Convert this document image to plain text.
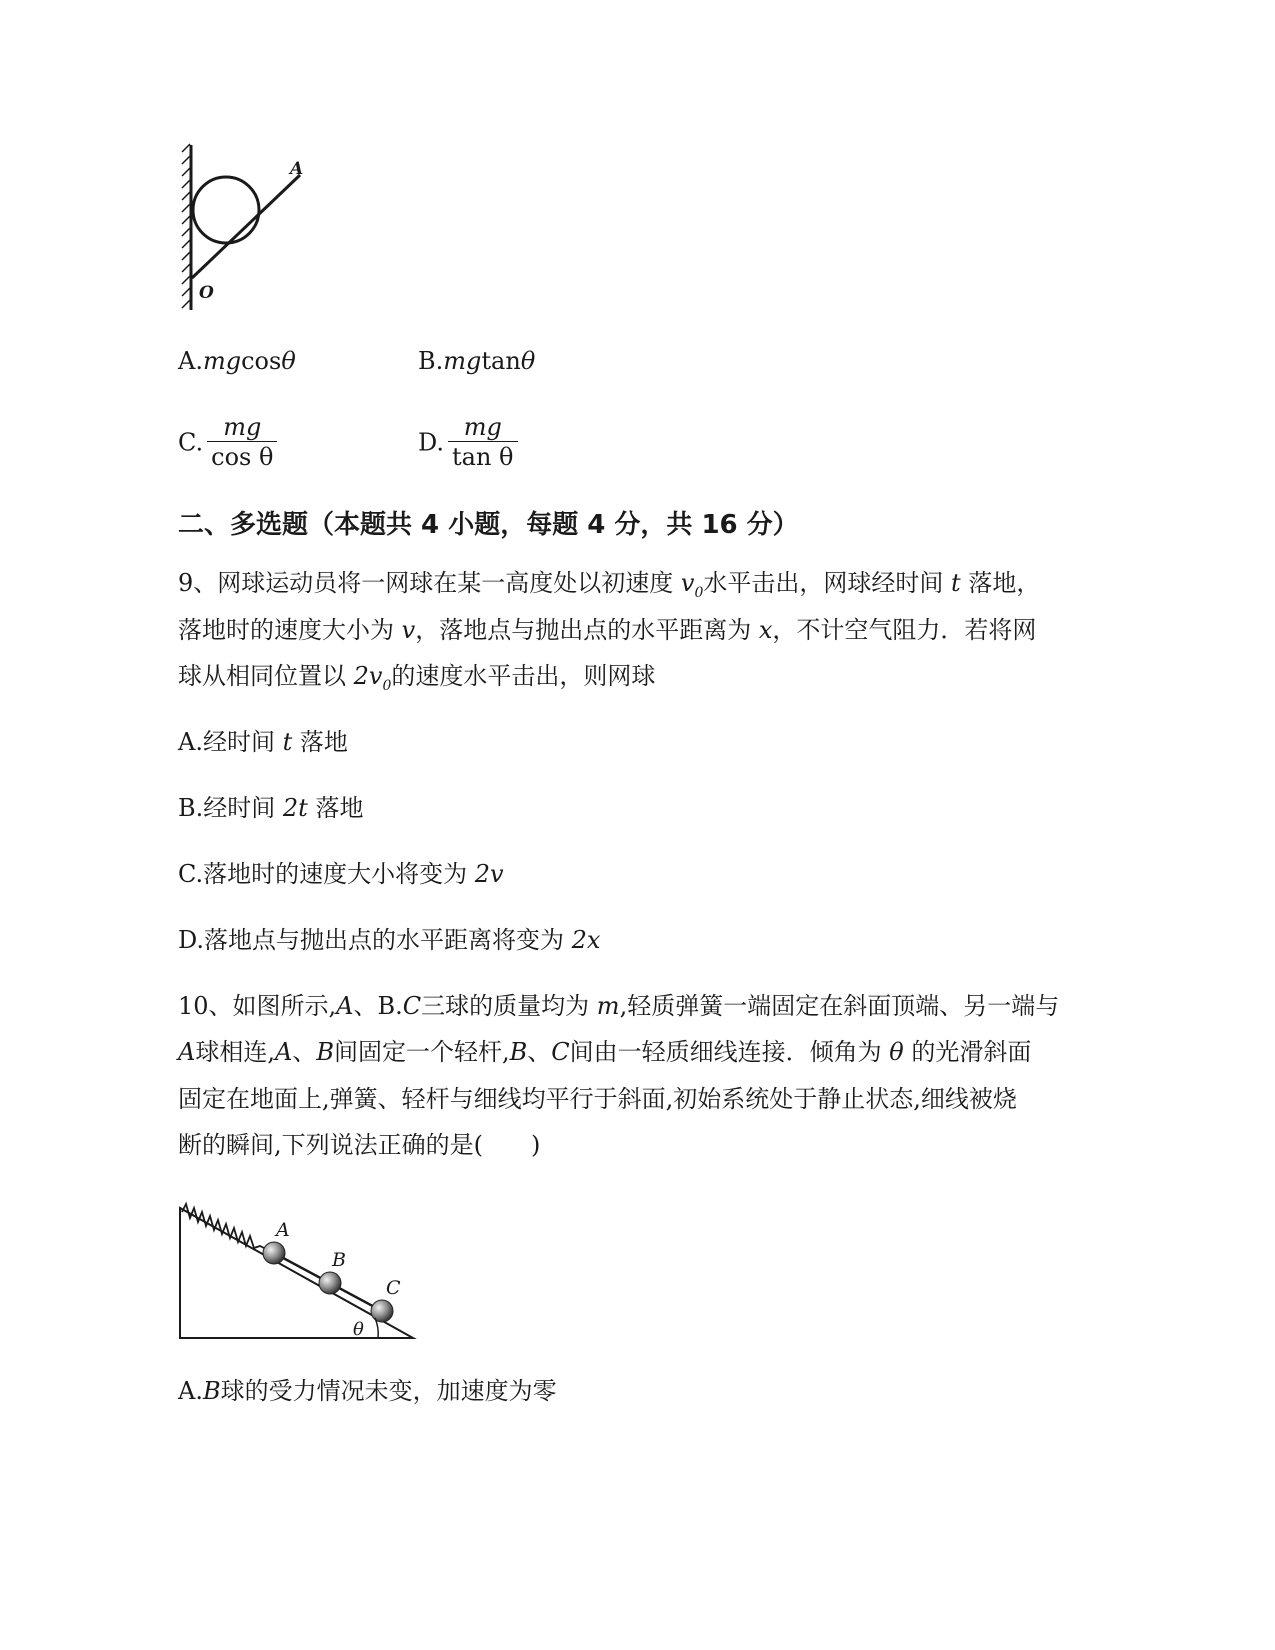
A
O
A.mgcosθ	B.mgtanθ
C. $\frac{mg}{\text{cos θ}}$	D. $\frac{mg}{\text{tan θ}}$
二、多选题（本题共 4 小题，每题 4 分，共 16 分）
9、网球运动员将一网球在某一高度处以初速度 $v_0$水平击出，网球经时间 t 落地，
落地时的速度大小为 v，落地点与抛出点的水平距离为 x，不计空气阻力．若将网
球从相同位置以 $2v_0$的速度水平击出，则网球
A.经时间 t 落地
B.经时间 2t 落地
C.落地时的速度大小将变为 2v
D.落地点与抛出点的水平距离将变为 2x
10、如图所示,A、B.C三球的质量均为 m,轻质弹簧一端固定在斜面顶端、另一端与
A球相连,A、B间固定一个轻杆,B、C间由一轻质细线连接．倾角为 θ 的光滑斜面
固定在地面上,弹簧、轻杆与细线均平行于斜面,初始系统处于静止状态,细线被烧
断的瞬间,下列说法正确的是(　　)
A
B
C
θ
A.B球的受力情况未变，加速度为零
